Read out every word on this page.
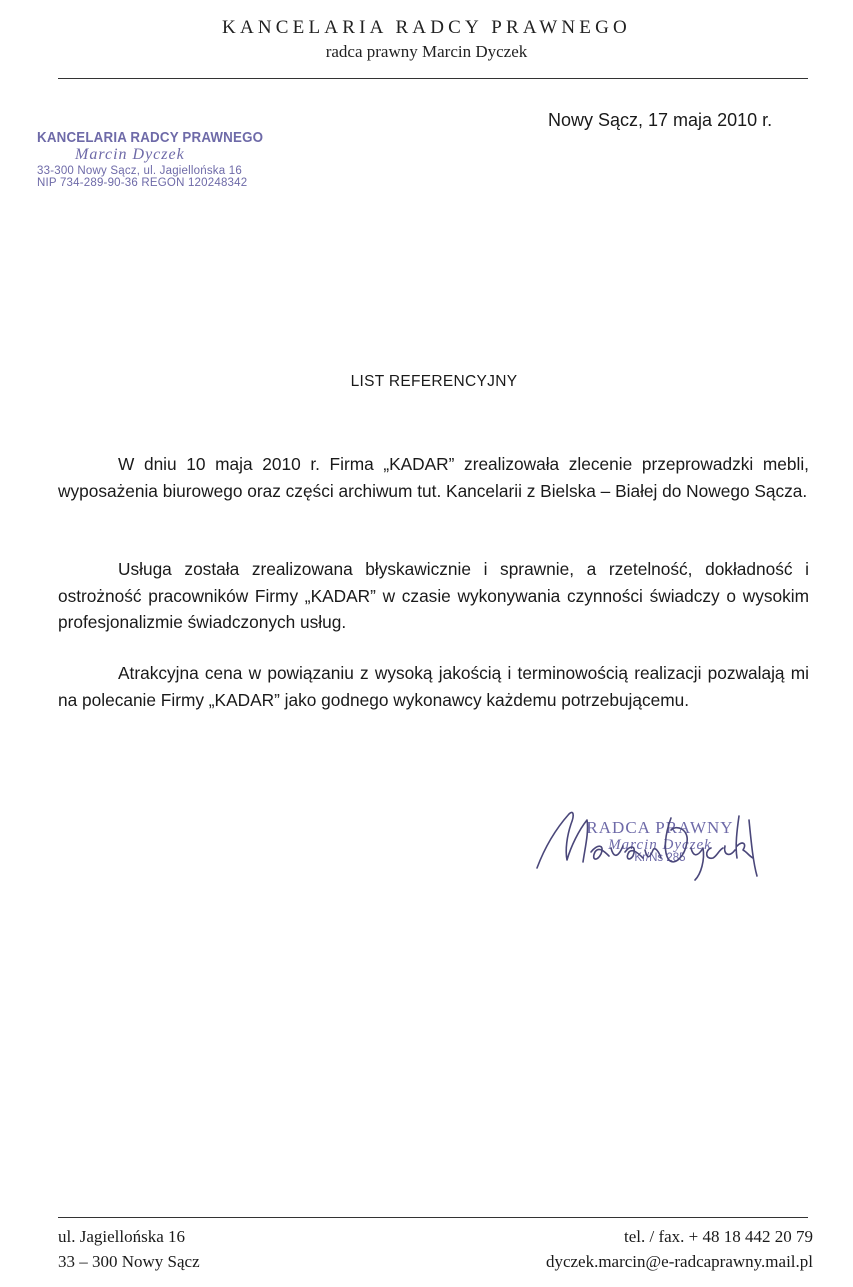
KANCELARIA RADCY PRAWNEGO
radca prawny Marcin Dyczek
KANCELARIA RADCY PRAWNEGO
Marcin Dyczek
33-300 Nowy Sącz, ul. Jagiellońska 16
NIP 734-289-90-36 REGON 120248342
Nowy Sącz, 17 maja 2010 r.
LIST REFERENCYJNY
W dniu 10 maja 2010 r. Firma „KADAR” zrealizowała zlecenie przeprowadzki mebli, wyposażenia biurowego oraz części archiwum tut. Kancelarii z Bielska – Białej do Nowego Sącza.
Usługa została zrealizowana błyskawicznie i sprawnie, a rzetelność, dokładność i ostrożność pracowników Firmy „KADAR” w czasie wykonywania czynności świadczy o wysokim profesjonalizmie świadczonych usług.
Atrakcyjna cena w powiązaniu z wysoką jakością i terminowością realizacji pozwalają mi na polecanie Firmy „KADAR” jako godnego wykonawcy każdemu potrzebującemu.
RADCA PRAWNY
Marcin Dyczek
Kr/Ns 285
ul. Jagiellońska 16
33 – 300 Nowy Sącz
tel. / fax. + 48 18 442 20 79
dyczek.marcin@e-radcaprawny.mail.pl
